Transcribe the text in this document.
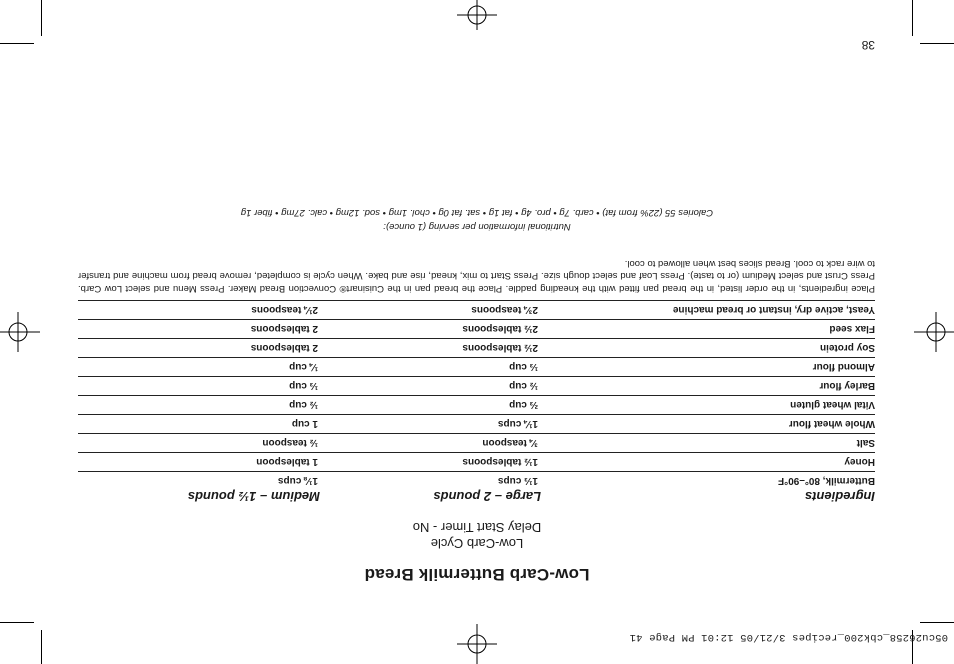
05cu26258_cbk200_recipes 3/21/05 12:01 PM Page 41
38
Low-Carb Buttermilk Bread
Low-Carb Cycle
Delay Start Timer - No
Ingredients
Large – 2 pounds
Medium – 1½ pounds
Buttermilk, 80°–90°F
1⅓ cups
1⅛ cups
Honey
1½ tablespoons
1 tablespoon
Salt
¾ teaspoon
½ teaspoon
Whole wheat flour
1¼ cups
1 cup
Vital wheat gluten
⅔ cup
½ cup
Barley flour
½ cup
⅓ cup
Almond flour
⅓ cup
¼ cup
Soy protein
2½ tablespoons
2 tablespoons
Flax seed
2½ tablespoons
2 tablespoons
Yeast, active dry, instant or bread machine
2¾ teaspoons
2¼ teaspoons
Place ingredients, in the order listed, in the bread pan fitted with the kneading paddle. Place the bread pan in the Cuisinart® Convection Bread Maker. Press Menu and select Low Carb. Press Crust and select Medium (or to taste). Press Loaf and select dough size. Press Start to mix, knead, rise and bake. When cycle is completed, remove bread from machine and transfer to wire rack to cool. Bread slices best when allowed to cool.
Nutritional information per serving (1 ounce):
Calories 55 (22% from fat) • carb. 7g • pro. 4g • fat 1g • sat. fat 0g • chol. 1mg • sod. 12mg • calc. 27mg • fiber 1g
